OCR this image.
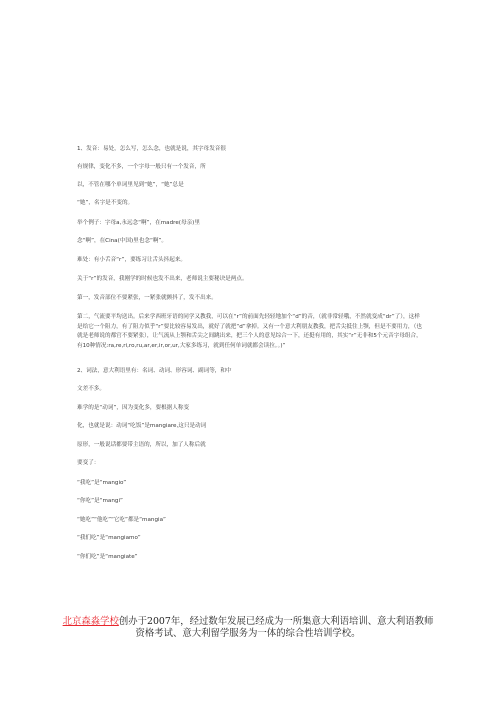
1、发音：易处，怎么写，怎么念，也就是说，其字母发音很
有规律，变化不多，一个字母一般只有一个发音，所
以，不管在哪个单词里见到“她”，“她”总是
“她”，名字是不变的。
举个例子：字母a,永远念“啊”，在madre(母亲)里
念“啊”，在Cina(中国)里也念“啊”。
难处：有小舌音“r”，要练习让舌头抖起来。
关于“r”的发音，我刚学的时候也发不出来，老师说主要秘诀是两点。
第一，发音部位不要紧张，一紧张就颤抖了，发不出来。
第二，气流要平均送出。后来学西班牙语的同学又教我，可以在“r”的前面先轻轻地加个“d”的音，（就非常轻哦，不然就变成“dr”了），这样是给它一个阻力，有了阻力似乎“r”要比较容易发出，就好了就把“d”拿掉。又有一个意大利朋友教我，把舌尖抵住上颚，但是不要用力，（也就是老师说的都官不要紧张），让气流从上颚和舌尖之间跳出来，把三个人的意见综合一下，还挺有用的，其实“r”无非和5个元音字母组合，有10种情况:ra,re,ri,ro,ru,ar,er,ir,or,ur,大家多练习，就到任何单词就都会读拉。。)”
2、词法，意大利语里有：名词、动词、形容词、副词等，和中
文差不多。
难学的是“动词”，因为变化多，要根据人称变
化，也就是说：动词“吃饭”是mangiare,这只是动词
原形，一般说话都要带主语的，所以，加了人称后就
要变了：
“我吃”是“mangio”
“你吃”是“mangi”
“她吃”“他吃”“它吃”都是“mangia”
“我们吃”是“mangiamo”
“你们吃”是“mangiate”
北京森淼学校创办于2007年，经过数年发展已经成为一所集意大利语培训、意大利语教师
资格考试、意大利留学服务为一体的综合性培训学校。
